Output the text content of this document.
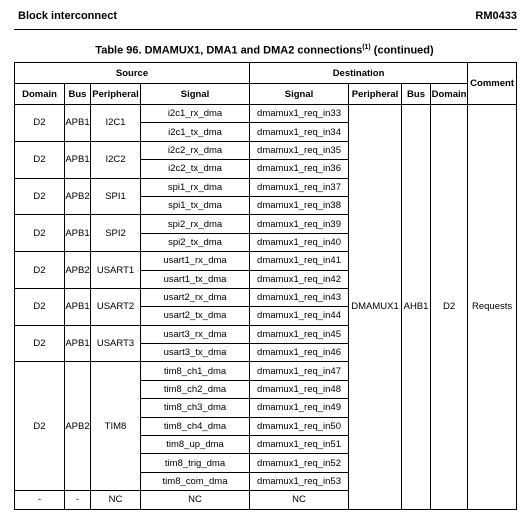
Block interconnect	RM0433
Table 96. DMAMUX1, DMA1 and DMA2 connections$^{(1)}$ (continued)
Source				Destination				Comment
Domain	Bus	Peripheral	Signal	Signal	Peripheral	Bus	Domain	
D2	APB1	I2C1	i2c1_rx_dma	dmamux1_req_in33	DMAMUX1	AHB1	D2	Requests
			i2c1_tx_dma	dmamux1_req_in34				
D2	APB1	I2C2	i2c2_rx_dma	dmamux1_req_in35				
			i2c2_tx_dma	dmamux1_req_in36				
D2	APB2	SPI1	spi1_rx_dma	dmamux1_req_in37				
			spi1_tx_dma	dmamux1_req_in38				
D2	APB1	SPI2	spi2_rx_dma	dmamux1_req_in39				
			spi2_tx_dma	dmamux1_req_in40				
D2	APB2	USART1	usart1_rx_dma	dmamux1_req_in41				
			usart1_tx_dma	dmamux1_req_in42				
D2	APB1	USART2	usart2_rx_dma	dmamux1_req_in43				
			usart2_tx_dma	dmamux1_req_in44				
D2	APB1	USART3	usart3_rx_dma	dmamux1_req_in45				
			usart3_tx_dma	dmamux1_req_in46				
D2	APB2	TIM8	tim8_ch1_dma	dmamux1_req_in47				
			tim8_ch2_dma	dmamux1_req_in48				
			tim8_ch3_dma	dmamux1_req_in49				
			tim8_ch4_dma	dmamux1_req_in50				
			tim8_up_dma	dmamux1_req_in51				
			tim8_trig_dma	dmamux1_req_in52				
			tim8_com_dma	dmamux1_req_in53				
-	-	NC	NC	NC				
